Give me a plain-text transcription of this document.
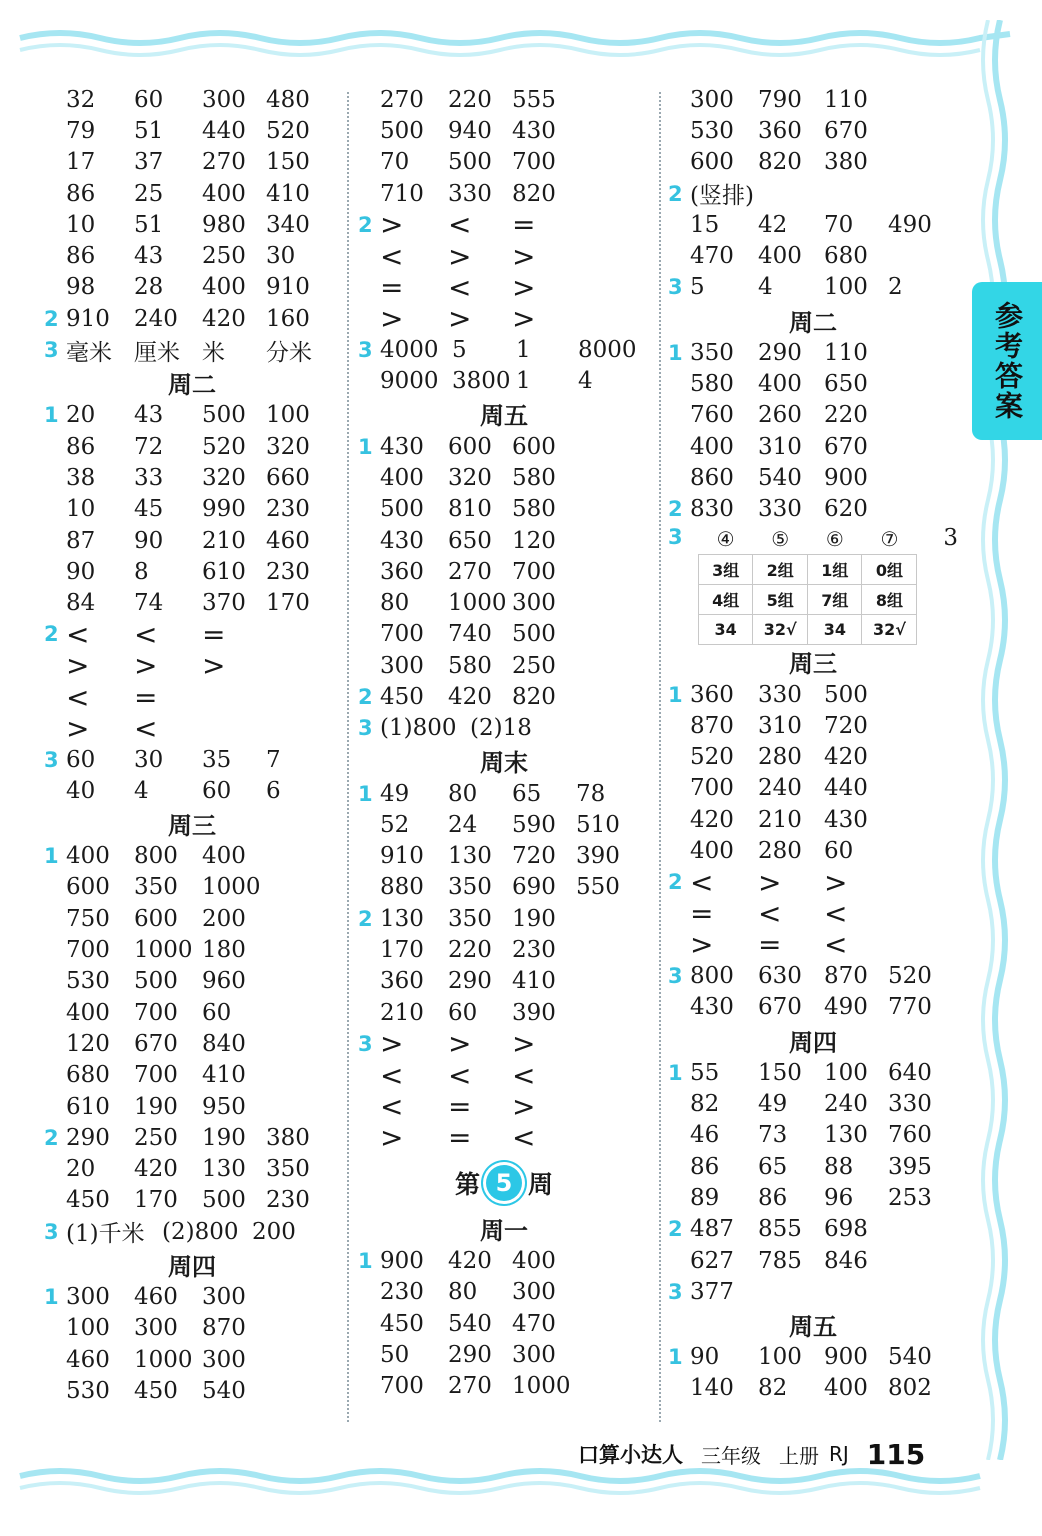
参考答案
32	60	300 480
79	51	440 520
17	37	270 150
86	25	400 410
10	51	980 340
86	43	250 30
98	28	400 910
2 910	240	420 160
3 毫米 厘米 米	分米
周二
1 20	43	500 100
86	72	520 320
38	33	320 660
10	45	990 230
87	90	210 460
90	8	610 230
84	74	370 170
2 <	<	=
>	>	>
<	=
>	<
3 60	30	35	7
40	4	60	6
周三
1 400	800	400
600	350	1000
750	600	200
700	1000 180
530	500	960
400	700	60
120	670	840
680	700	410
610	190	950
2 290	250	190 380
20	420	130 350
450	170	500 230
3 (1)千米 (2)800 200
周四
1 300	460	300
100	300	870
460	1000 300
530	450	540
270	220 555
500	940 430
70	500 700
710	330 820
2 >	<	=
<	>	>
=	<	>
>	>	>
3 4000 5	1	8000
9000 3800 1	4
周五
1 430	600 600
400	320 580
500	810 580
430	650 120
360	270 700
80	1000 300
700	740 500
300	580 250
2 450	420 820
3 (1)800 (2)18
周末
1 49	80	65	78
52	24	590 510
910	130 720 390
880	350 690 550
2 130	350 190
170	220 230
360	290 410
210	60	390
3 >	>	>
<	<	<
<	=	>
>	=	<
第 5 周
周一
1 900	420 400
230	80	300
450	540 470
50	290 300
700	270 1000
300	790 110
530	360 670
600	820 380
2 (竖排)
15	42	70	490
470	400 680
3 5	4	100 2
周二
1 350	290 110
580	400 650
760	260 220
400	310 670
860	540 900
2 830	330 620
3	④	⑤	⑥	⑦
3组	2组	1组	0组
4组	5组	7组	8组
34	32√	34	32√
3
周三
1 360	330 500
870	310 720
520	280 420
700	240 440
420	210 430
400	280 60
2 <	>	>
=	<	<
>	=	<
3 800	630 870 520
430	670 490 770
周四
1 55	150 100 640
82	49	240 330
46	73	130 760
86	65	88	395
89	86	96	253
2 487	855 698
627	785 846
3 377
周五
1 90	100 900 540
140	82	400 802
口算小达人 三年级 上册 RJ 115
